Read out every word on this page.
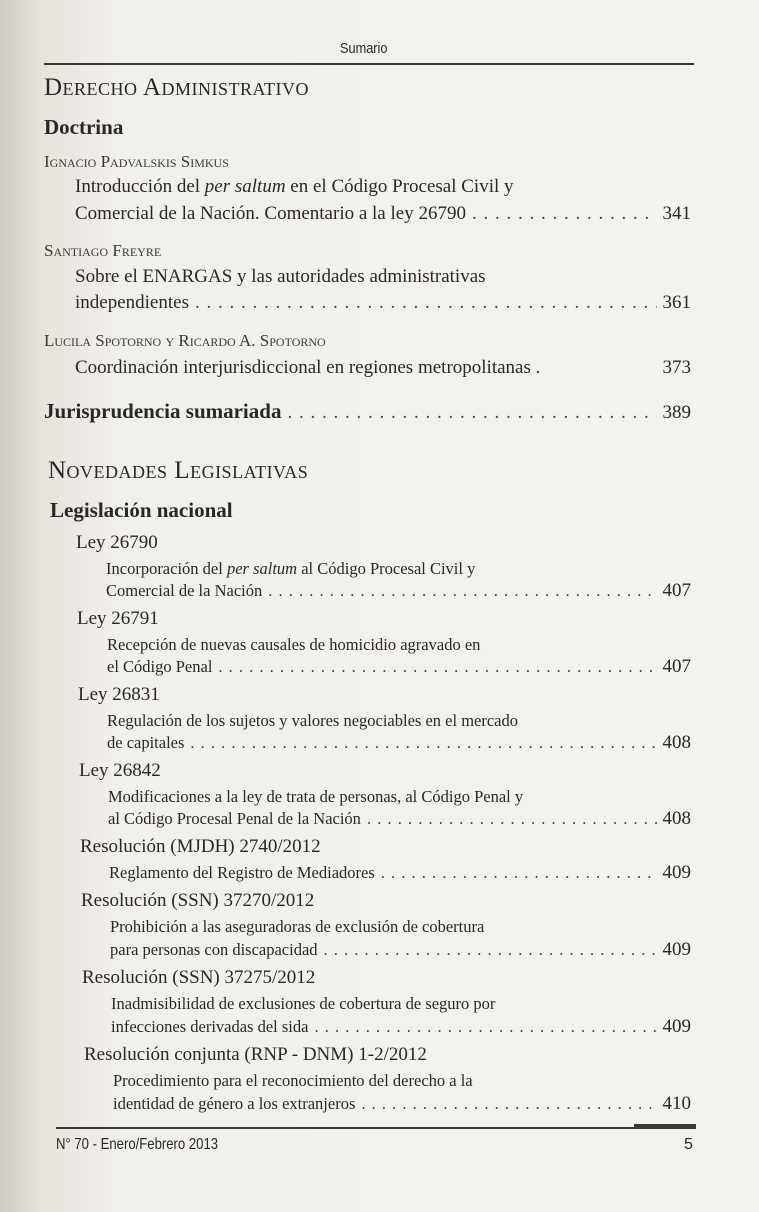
Sumario
Derecho Administrativo
Doctrina
Ignacio Padvalskis Simkus
Introducción del per saltum en el Código Procesal Civil y
Comercial de la Nación. Comentario a la ley 26790 . . .	341
Santiago Freyre
Sobre el ENARGAS y las autoridades administrativas
independientes . . .	361
Lucila Spotorno y Ricardo A. Spotorno
Coordinación interjurisdiccional en regiones metropolitanas .	373
Jurisprudencia sumariada . . .	389
Novedades Legislativas
Legislación nacional
Ley 26790
Incorporación del per saltum al Código Procesal Civil y
Comercial de la Nación . . .	407
Ley 26791
Recepción de nuevas causales de homicidio agravado en
el Código Penal . . .	407
Ley 26831
Regulación de los sujetos y valores negociables en el mercado
de capitales . . .	408
Ley 26842
Modificaciones a la ley de trata de personas, al Código Penal y
al Código Procesal Penal de la Nación . . .	408
Resolución (MJDH) 2740/2012
Reglamento del Registro de Mediadores . . .	409
Resolución (SSN) 37270/2012
Prohibición a las aseguradoras de exclusión de cobertura
para personas con discapacidad . . .	409
Resolución (SSN) 37275/2012
Inadmisibilidad de exclusiones de cobertura de seguro por
infecciones derivadas del sida . . .	409
Resolución conjunta (RNP - DNM) 1-2/2012
Procedimiento para el reconocimiento del derecho a la
identidad de género a los extranjeros . . .	410
N° 70 - Enero/Febrero 2013	5
